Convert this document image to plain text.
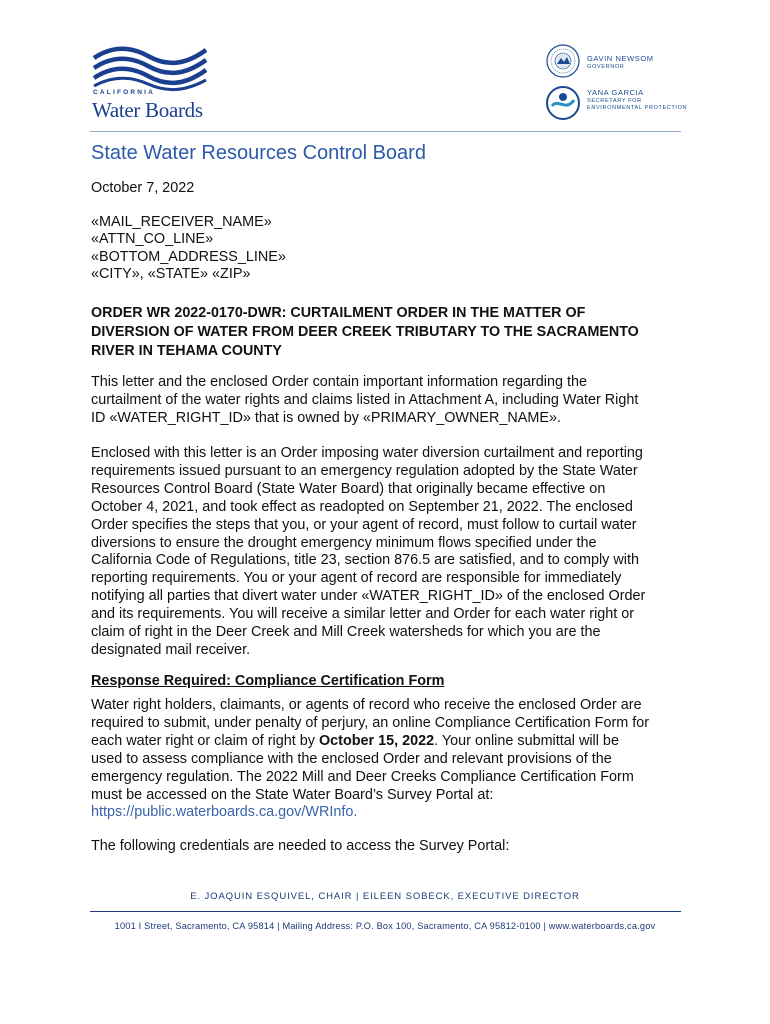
CALIFORNIA
Water Boards
GAVIN NEWSOM
GOVERNOR
YANA GARCIA
SECRETARY FOR
ENVIRONMENTAL PROTECTION
State Water Resources Control Board
October 7, 2022
«MAIL_RECEIVER_NAME»
«ATTN_CO_LINE»
«BOTTOM_ADDRESS_LINE»
«CITY», «STATE» «ZIP»
ORDER WR 2022-0170-DWR: CURTAILMENT ORDER IN THE MATTER OF
DIVERSION OF WATER FROM DEER CREEK TRIBUTARY TO THE SACRAMENTO
RIVER IN TEHAMA COUNTY
This letter and the enclosed Order contain important information regarding the
curtailment of the water rights and claims listed in Attachment A, including Water Right
ID «WATER_RIGHT_ID» that is owned by «PRIMARY_OWNER_NAME».
Enclosed with this letter is an Order imposing water diversion curtailment and reporting
requirements issued pursuant to an emergency regulation adopted by the State Water
Resources Control Board (State Water Board) that originally became effective on
October 4, 2021, and took effect as readopted on September 21, 2022. The enclosed
Order specifies the steps that you, or your agent of record, must follow to curtail water
diversions to ensure the drought emergency minimum flows specified under the
California Code of Regulations, title 23, section 876.5 are satisfied, and to comply with
reporting requirements. You or your agent of record are responsible for immediately
notifying all parties that divert water under «WATER_RIGHT_ID» of the enclosed Order
and its requirements. You will receive a similar letter and Order for each water right or
claim of right in the Deer Creek and Mill Creek watersheds for which you are the
designated mail receiver.
Response Required: Compliance Certification Form
Water right holders, claimants, or agents of record who receive the enclosed Order are
required to submit, under penalty of perjury, an online Compliance Certification Form for
each water right or claim of right by October 15, 2022. Your online submittal will be
used to assess compliance with the enclosed Order and relevant provisions of the
emergency regulation. The 2022 Mill and Deer Creeks Compliance Certification Form
must be accessed on the State Water Board’s Survey Portal at:
https://public.waterboards.ca.gov/WRInfo.
The following credentials are needed to access the Survey Portal:
E. JOAQUIN ESQUIVEL, CHAIR | EILEEN SOBECK, EXECUTIVE DIRECTOR
1001 I Street, Sacramento, CA 95814 | Mailing Address: P.O. Box 100, Sacramento, CA 95812-0100 | www.waterboards.ca.gov
